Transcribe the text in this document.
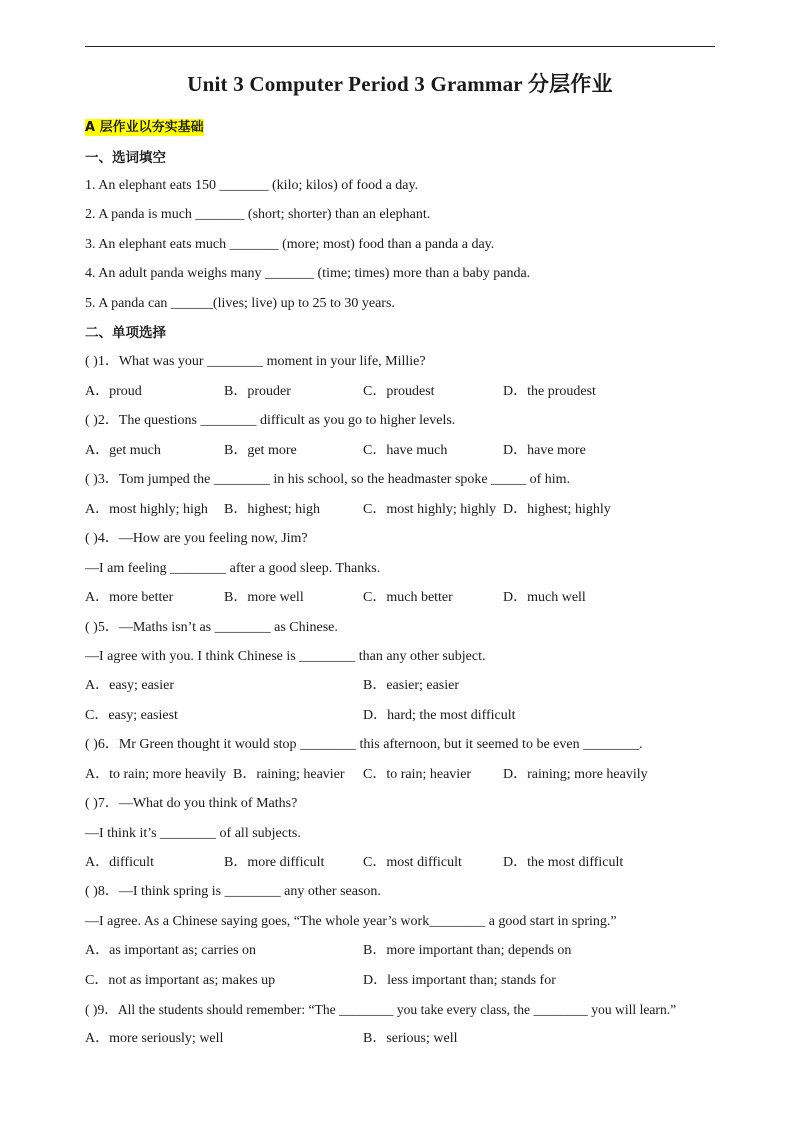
Unit 3 Computer Period 3 Grammar 分层作业
A 层作业以夯实基础
一、选词填空
1. An elephant eats 150 _______ (kilo; kilos) of food a day.
2. A panda is much _______ (short; shorter) than an elephant.
3. An elephant eats much _______ (more; most) food than a panda a day.
4. An adult panda weighs many _______ (time; times) more than a baby panda.
5. A panda can ______(lives; live) up to 25 to 30 years.
二、单项选择
( )1．What was your ________ moment in your life, Millie?
A．proud	B．prouder	C．proudest	D．the proudest
( )2．The questions ________ difficult as you go to higher levels.
A．get much	B．get more	C．have much	D．have more
( )3．Tom jumped the ________ in his school, so the headmaster spoke _____ of him.
A．most highly; high B．highest; high	C．most highly; highly D．highest; highly
( )4．—How are you feeling now, Jim?
—I am feeling ________ after a good sleep. Thanks.
A．more better	B．more well	C．much better	D．much well
( )5．—Maths isn’t as ________ as Chinese.
—I agree with you. I think Chinese is ________ than any other subject.
A．easy; easier	B．easier; easier
C．easy; easiest	D．hard; the most difficult
( )6．Mr Green thought it would stop ________ this afternoon, but it seemed to be even ________.
A．to rain; more heavily B．raining; heavier C．to rain; heavier D．raining; more heavily
( )7．—What do you think of Maths?
—I think it’s ________ of all subjects.
A．difficult	B．more difficult	C．most difficult	D．the most difficult
( )8．—I think spring is ________ any other season.
—I agree. As a Chinese saying goes, “The whole year’s work________ a good start in spring.”
A．as important as; carries on	B．more important than; depends on
C．not as important as; makes up	D．less important than; stands for
( )9．All the students should remember: “The ________ you take every class, the ________ you will learn.”
A．more seriously; well	B．serious; well
